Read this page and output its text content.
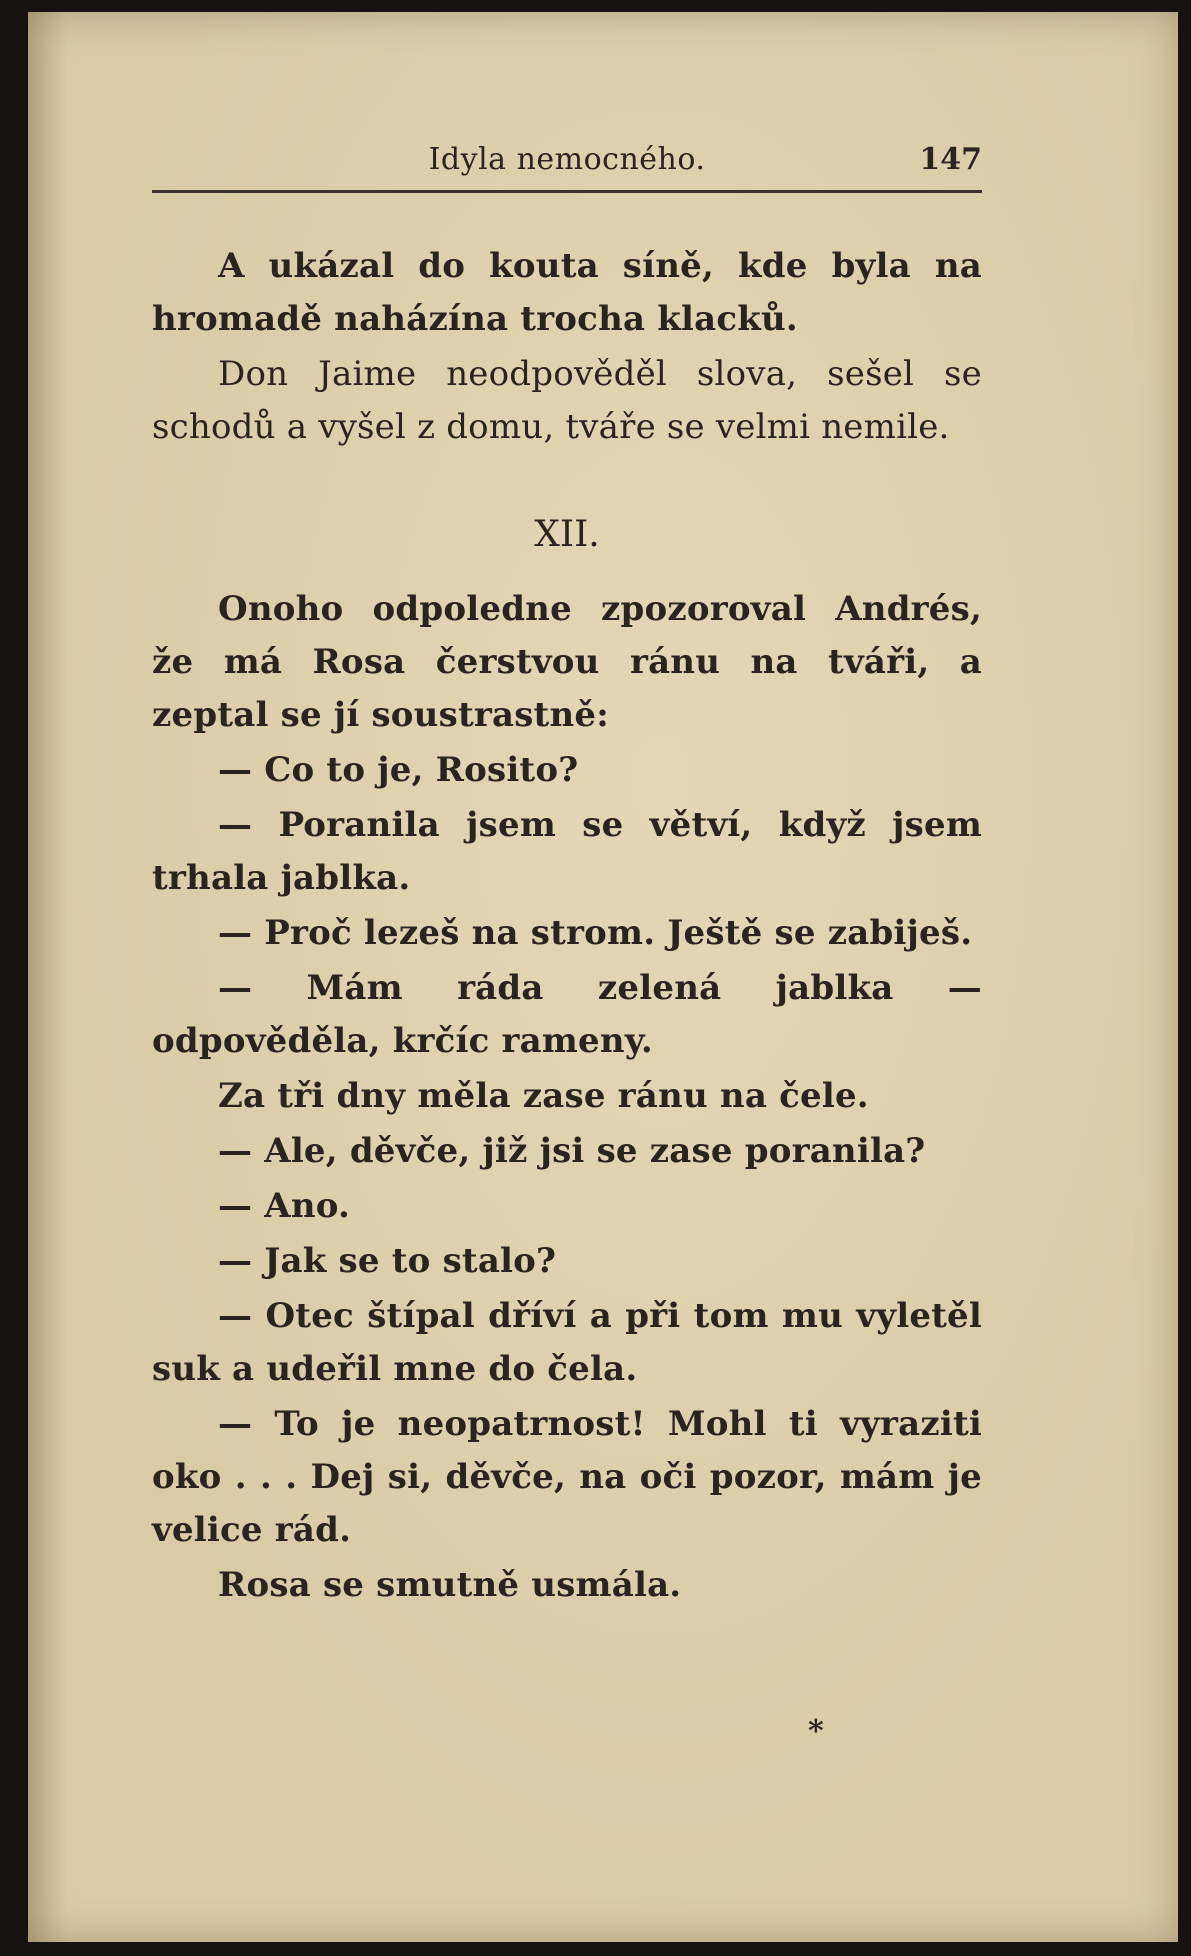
Idyla nemocného.	147

A ukázal do kouta síně, kde byla na hromadě naházína trocha klacků.

Don Jaime neodpověděl slova, sešel se schodů a vyšel z domu, tváře se velmi nemile.

XII.

Onoho odpoledne zpozoroval Andrés, že má Rosa čerstvou ránu na tváři, a zeptal se jí soustrastně:

— Co to je, Rosito?

— Poranila jsem se větví, když jsem trhala jablka.

— Proč lezeš na strom. Ještě se zabiješ.

— Mám ráda zelená jablka — odpověděla, krčíc rameny.

Za tři dny měla zase ránu na čele.

— Ale, děvče, již jsi se zase poranila?

— Ano.

— Jak se to stalo?

— Otec štípal dříví a při tom mu vyletěl suk a udeřil mne do čela.

— To je neopatrnost! Mohl ti vyraziti oko . . . Dej si, děvče, na oči pozor, mám je velice rád.

Rosa se smutně usmála.

*
